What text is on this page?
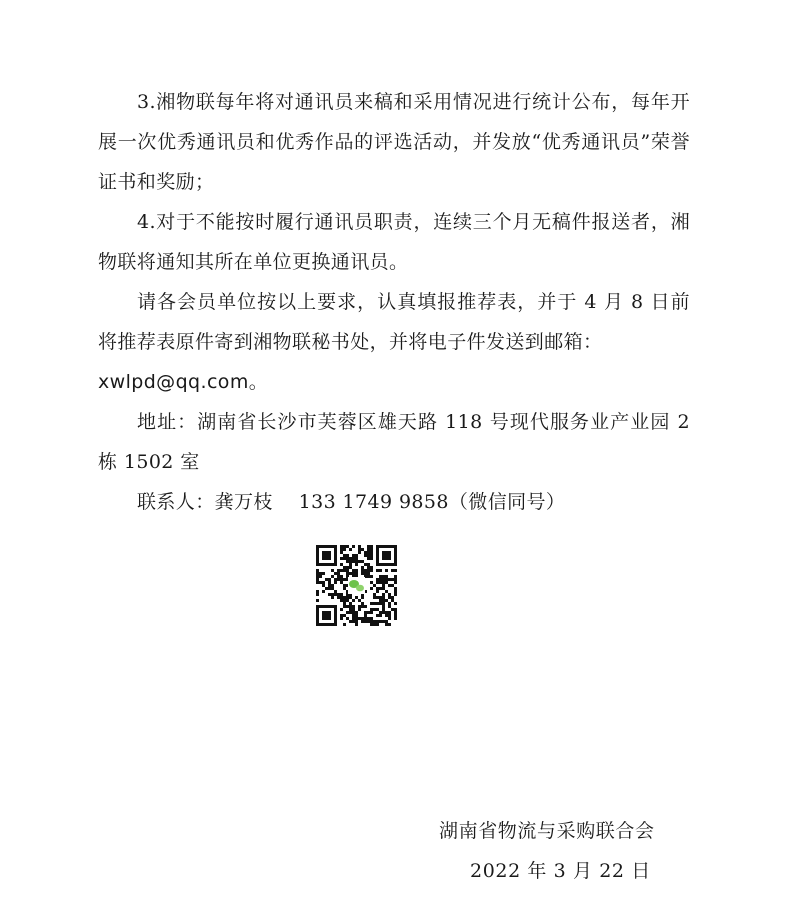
3.湘物联每年将对通讯员来稿和采用情况进行统计公布，每年开展一次优秀通讯员和优秀作品的评选活动，并发放“优秀通讯员”荣誉证书和奖励；

4.对于不能按时履行通讯员职责，连续三个月无稿件报送者，湘物联将通知其所在单位更换通讯员。

请各会员单位按以上要求，认真填报推荐表，并于 4 月 8 日前将推荐表原件寄到湘物联秘书处，并将电子件发送到邮箱：

xwlpd@qq.com。

地址：湖南省长沙市芙蓉区雄天路 118 号现代服务业产业园 2 栋 1502 室

联系人：龚万枝　 133 1749 9858（微信同号）

湖南省物流与采购联合会
2022 年 3 月 22 日
